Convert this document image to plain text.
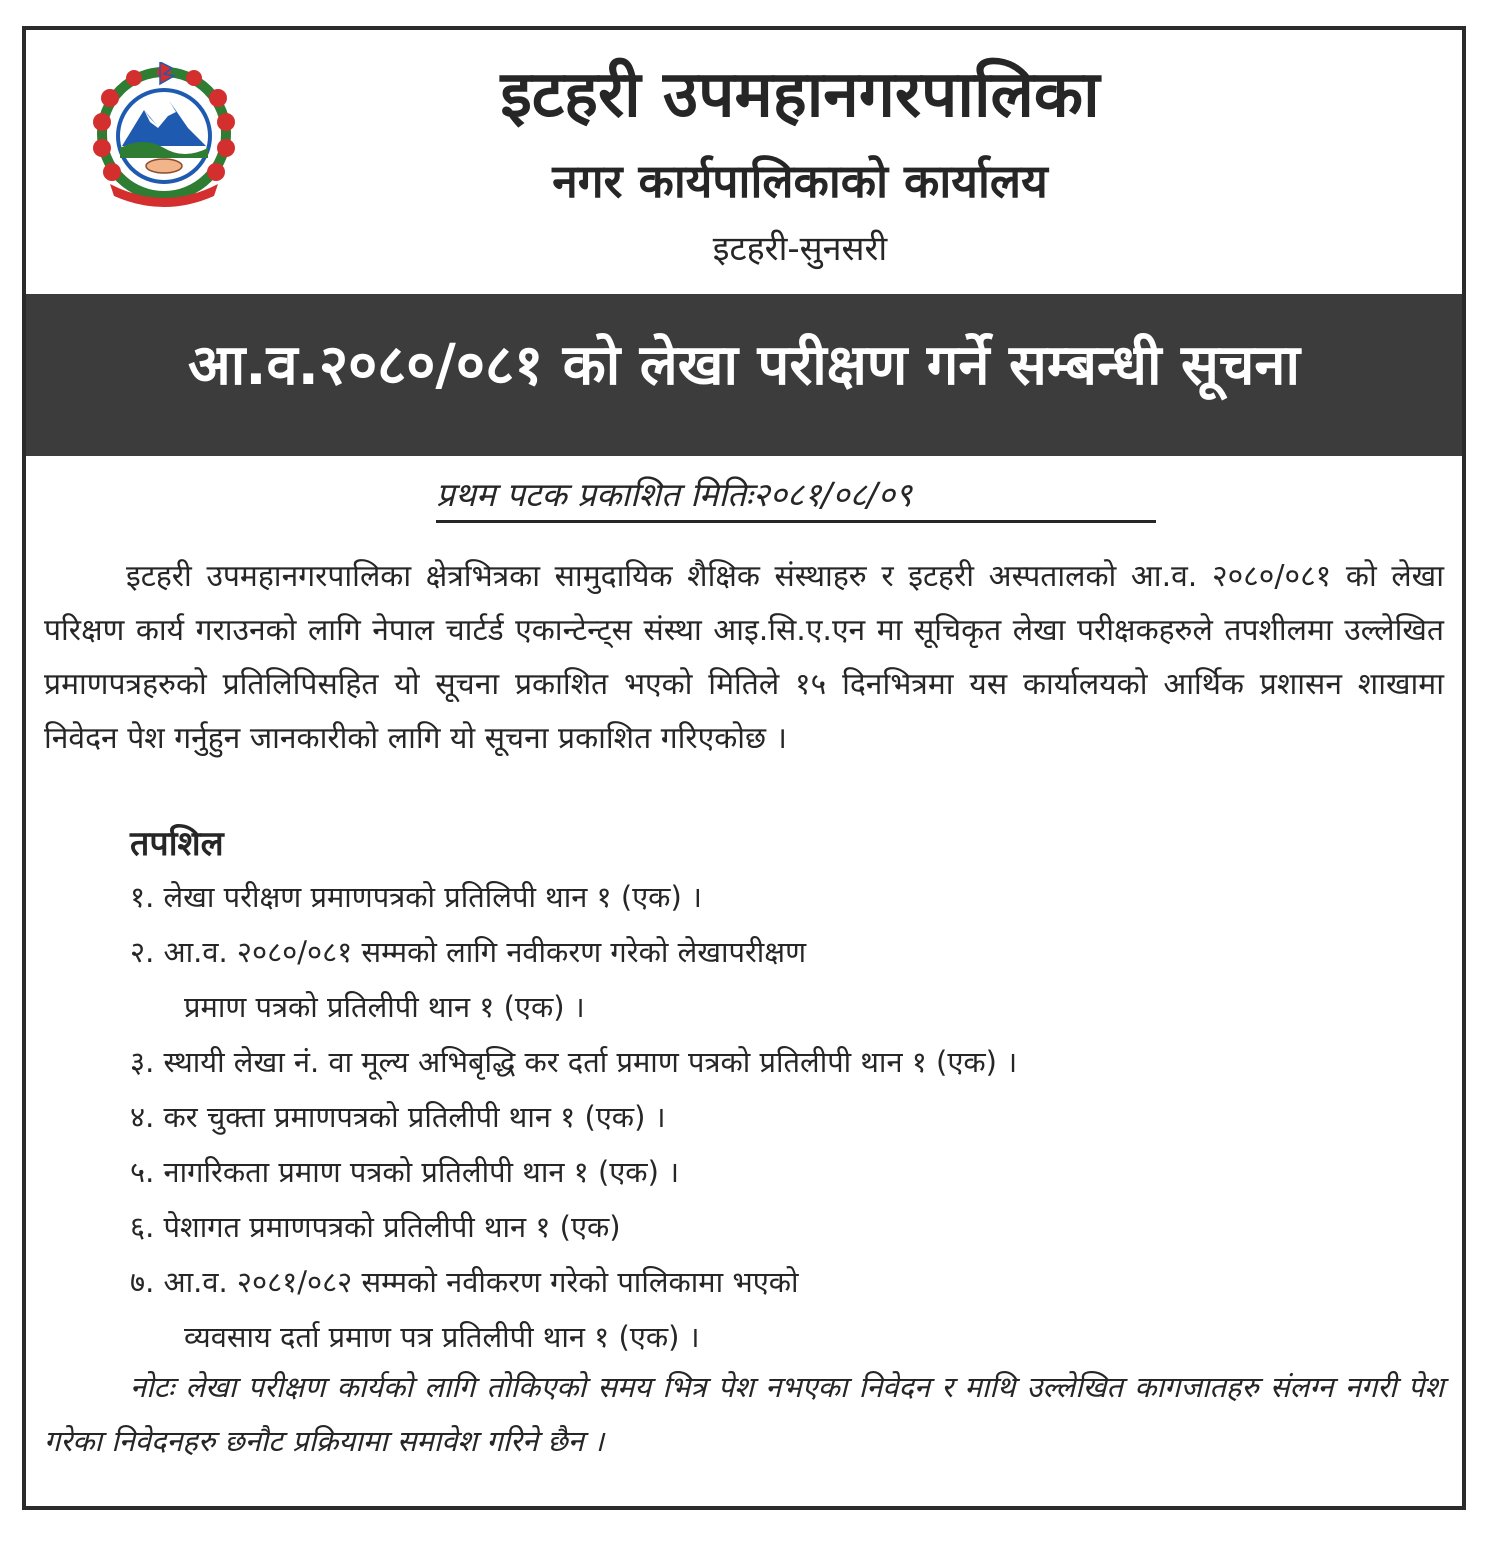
इटहरी उपमहानगरपालिका
नगर कार्यपालिकाको कार्यालय
इटहरी-सुनसरी
आ.व.२०८०/०८१ को लेखा परीक्षण गर्ने सम्बन्धी सूचना
प्रथम पटक प्रकाशित मितिः२०८१/०८/०९

इटहरी उपमहानगरपालिका क्षेत्रभित्रका सामुदायिक शैक्षिक संस्थाहरु र इटहरी अस्पतालको आ.व. २०८०/०८१ को लेखा परिक्षण कार्य गराउनको लागि नेपाल चार्टर्ड एकान्टेन्ट्स संस्था आइ.सि.ए.एन मा सूचिकृत लेखा परीक्षकहरुले तपशीलमा उल्लेखित प्रमाणपत्रहरुको प्रतिलिपिसहित यो सूचना प्रकाशित भएको मितिले १५ दिनभित्रमा यस कार्यालयको आर्थिक प्रशासन शाखामा निवेदन पेश गर्नुहुन जानकारीको लागि यो सूचना प्रकाशित गरिएकोछ ।

तपशिल
१. लेखा परीक्षण प्रमाणपत्रको प्रतिलिपी थान १ (एक) ।
२. आ.व. २०८०/०८१ सम्मको लागि नवीकरण गरेको लेखापरीक्षण
प्रमाण पत्रको प्रतिलीपी थान १ (एक) ।
३. स्थायी लेखा नं. वा मूल्य अभिबृद्धि कर दर्ता प्रमाण पत्रको प्रतिलीपी थान १ (एक) ।
४. कर चुक्ता प्रमाणपत्रको प्रतिलीपी थान १ (एक) ।
५. नागरिकता प्रमाण पत्रको प्रतिलीपी थान १ (एक) ।
६. पेशागत प्रमाणपत्रको प्रतिलीपी थान १ (एक)
७. आ.व. २०८१/०८२ सम्मको नवीकरण गरेको पालिकामा भएको
व्यवसाय दर्ता प्रमाण पत्र प्रतिलीपी थान १ (एक) ।

नोटः लेखा परीक्षण कार्यको लागि तोकिएको समय भित्र पेश नभएका निवेदन र माथि उल्लेखित कागजातहरु संलग्न नगरी पेश गरेका निवेदनहरु छनौट प्रक्रियामा समावेश गरिने छैन ।
